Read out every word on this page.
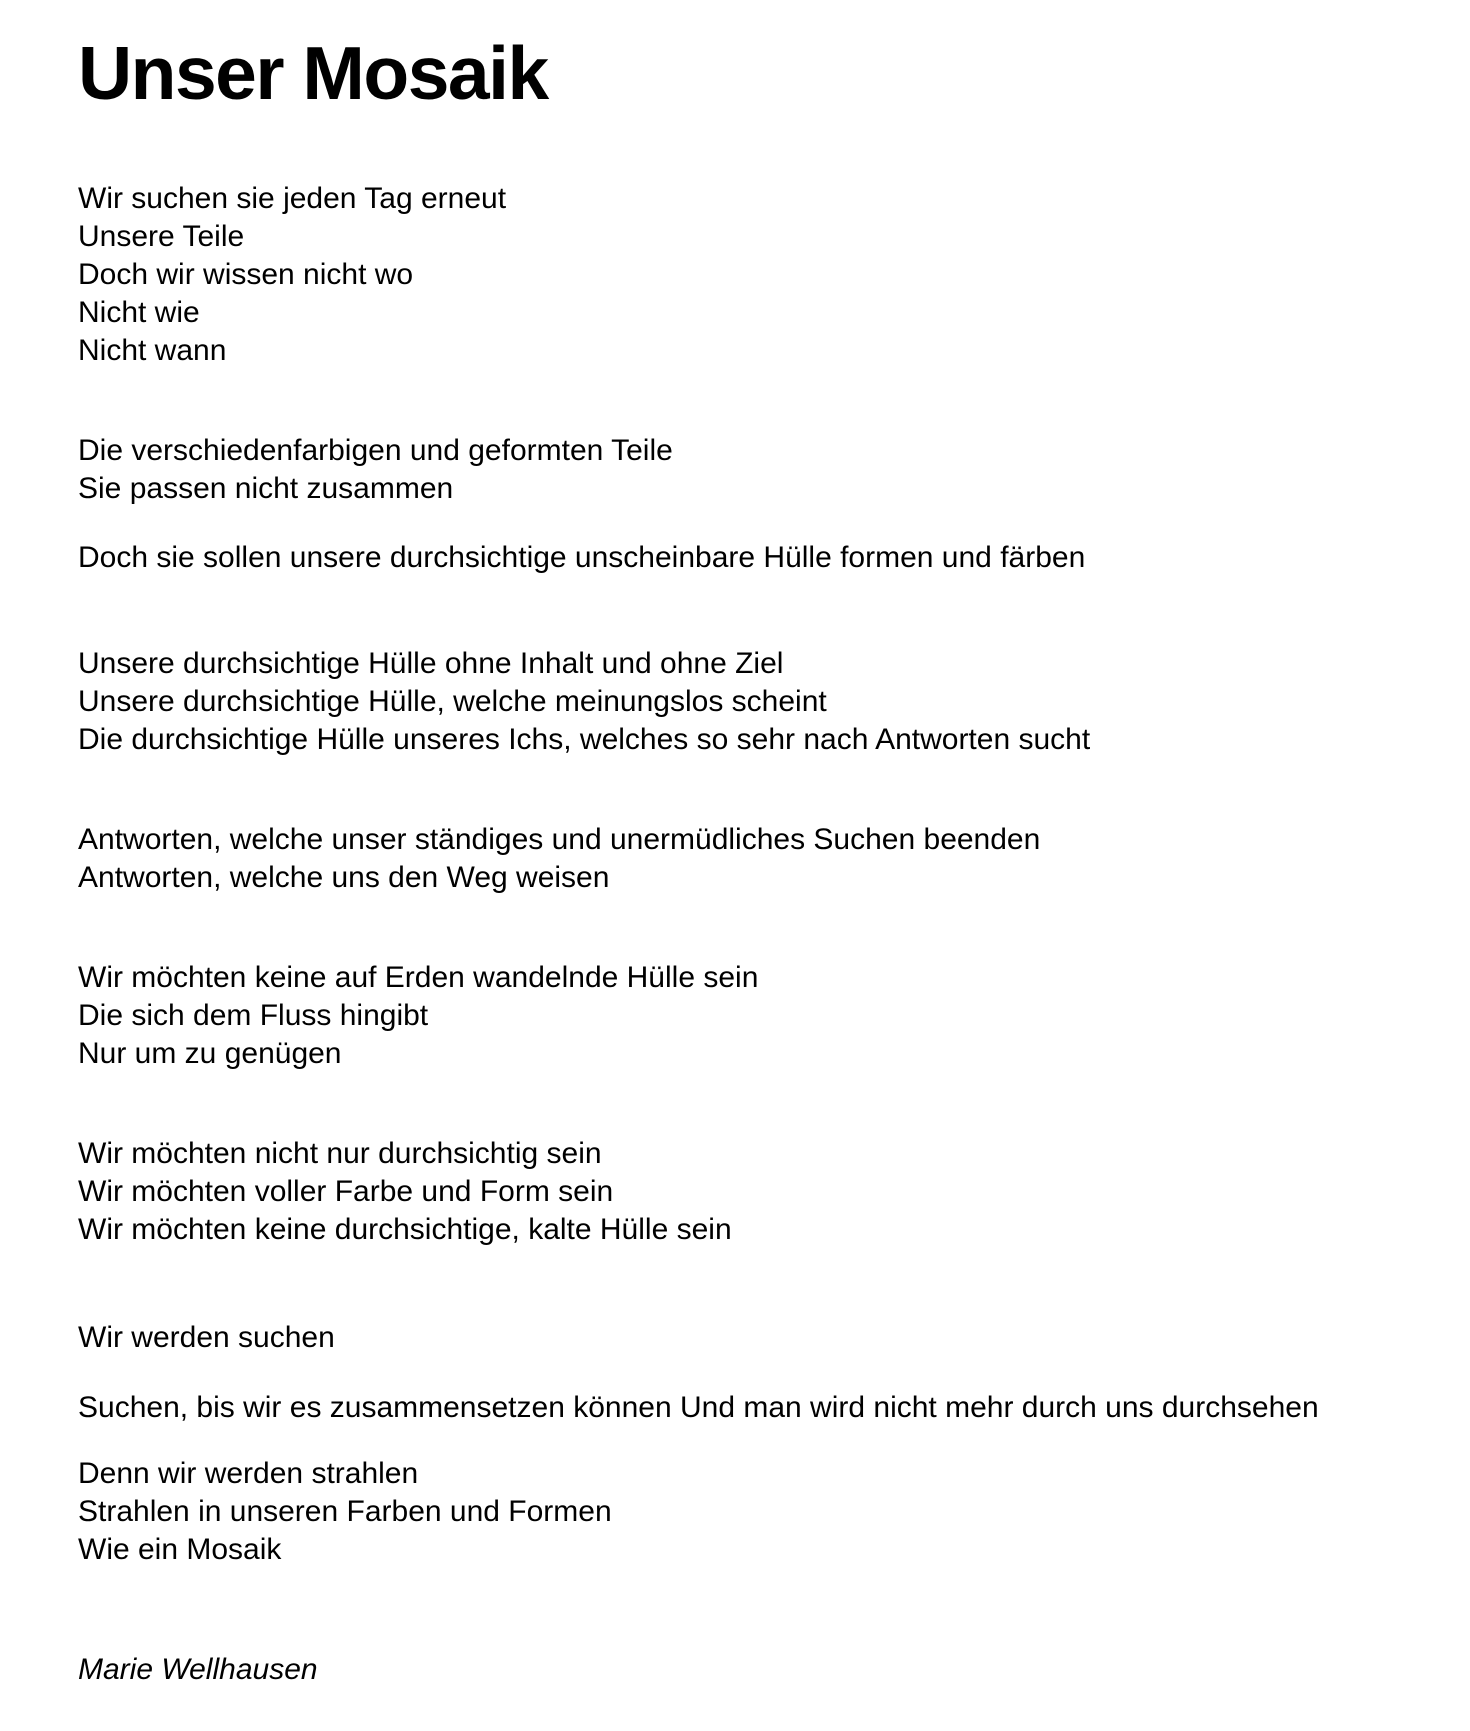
Unser Mosaik

Wir suchen sie jeden Tag erneut

Unsere Teile

Doch wir wissen nicht wo

Nicht wie

Nicht wann

Die verschiedenfarbigen und geformten Teile

Sie passen nicht zusammen

Doch sie sollen unsere durchsichtige unscheinbare Hülle formen und färben

Unsere durchsichtige Hülle ohne Inhalt und ohne Ziel

Unsere durchsichtige Hülle, welche meinungslos scheint

Die durchsichtige Hülle unseres Ichs, welches so sehr nach Antworten sucht

Antworten, welche unser ständiges und unermüdliches Suchen beenden

Antworten, welche uns den Weg weisen

Wir möchten keine auf Erden wandelnde Hülle sein

Die sich dem Fluss hingibt

Nur um zu genügen

Wir möchten nicht nur durchsichtig sein

Wir möchten voller Farbe und Form sein

Wir möchten keine durchsichtige, kalte Hülle sein

Wir werden suchen

Suchen, bis wir es zusammensetzen können Und man wird nicht mehr durch uns durchsehen

Denn wir werden strahlen

Strahlen in unseren Farben und Formen

Wie ein Mosaik

Marie Wellhausen
